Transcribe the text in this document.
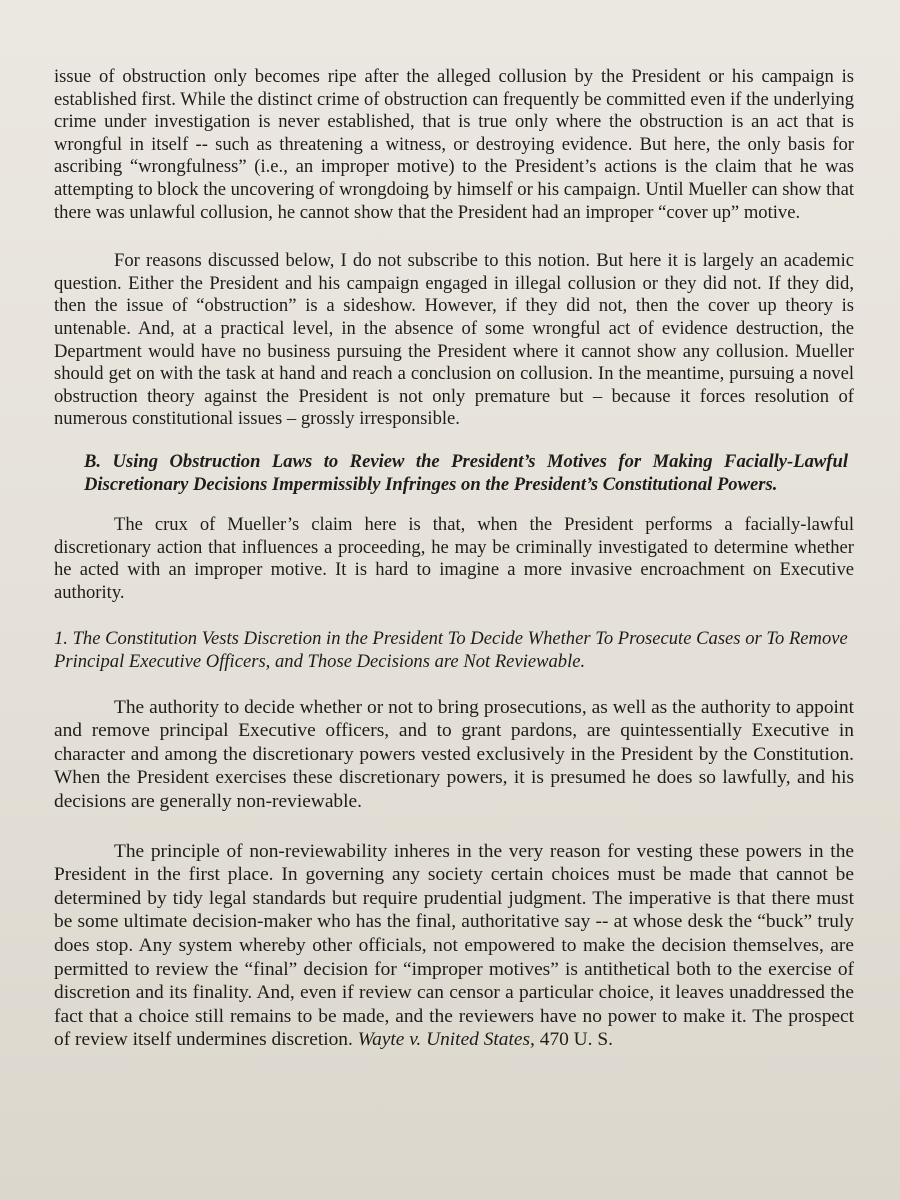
issue of obstruction only becomes ripe after the alleged collusion by the President or his campaign is established first. While the distinct crime of obstruction can frequently be committed even if the underlying crime under investigation is never established, that is true only where the obstruction is an act that is wrongful in itself -- such as threatening a witness, or destroying evidence. But here, the only basis for ascribing “wrongfulness” (i.e., an improper motive) to the President’s actions is the claim that he was attempting to block the uncovering of wrongdoing by himself or his campaign. Until Mueller can show that there was unlawful collusion, he cannot show that the President had an improper “cover up” motive.

For reasons discussed below, I do not subscribe to this notion. But here it is largely an academic question. Either the President and his campaign engaged in illegal collusion or they did not. If they did, then the issue of “obstruction” is a sideshow. However, if they did not, then the cover up theory is untenable. And, at a practical level, in the absence of some wrongful act of evidence destruction, the Department would have no business pursuing the President where it cannot show any collusion. Mueller should get on with the task at hand and reach a conclusion on collusion. In the meantime, pursuing a novel obstruction theory against the President is not only premature but – because it forces resolution of numerous constitutional issues – grossly irresponsible.

B. Using Obstruction Laws to Review the President’s Motives for Making Facially-Lawful Discretionary Decisions Impermissibly Infringes on the President’s Constitutional Powers.

The crux of Mueller’s claim here is that, when the President performs a facially-lawful discretionary action that influences a proceeding, he may be criminally investigated to determine whether he acted with an improper motive. It is hard to imagine a more invasive encroachment on Executive authority.

1. The Constitution Vests Discretion in the President To Decide Whether To Prosecute Cases or To Remove Principal Executive Officers, and Those Decisions are Not Reviewable.

The authority to decide whether or not to bring prosecutions, as well as the authority to appoint and remove principal Executive officers, and to grant pardons, are quintessentially Executive in character and among the discretionary powers vested exclusively in the President by the Constitution. When the President exercises these discretionary powers, it is presumed he does so lawfully, and his decisions are generally non-reviewable.

The principle of non-reviewability inheres in the very reason for vesting these powers in the President in the first place. In governing any society certain choices must be made that cannot be determined by tidy legal standards but require prudential judgment. The imperative is that there must be some ultimate decision-maker who has the final, authoritative say -- at whose desk the “buck” truly does stop. Any system whereby other officials, not empowered to make the decision themselves, are permitted to review the “final” decision for “improper motives” is antithetical both to the exercise of discretion and its finality. And, even if review can censor a particular choice, it leaves unaddressed the fact that a choice still remains to be made, and the reviewers have no power to make it. The prospect of review itself undermines discretion. Wayte v. United States, 470 U. S.
